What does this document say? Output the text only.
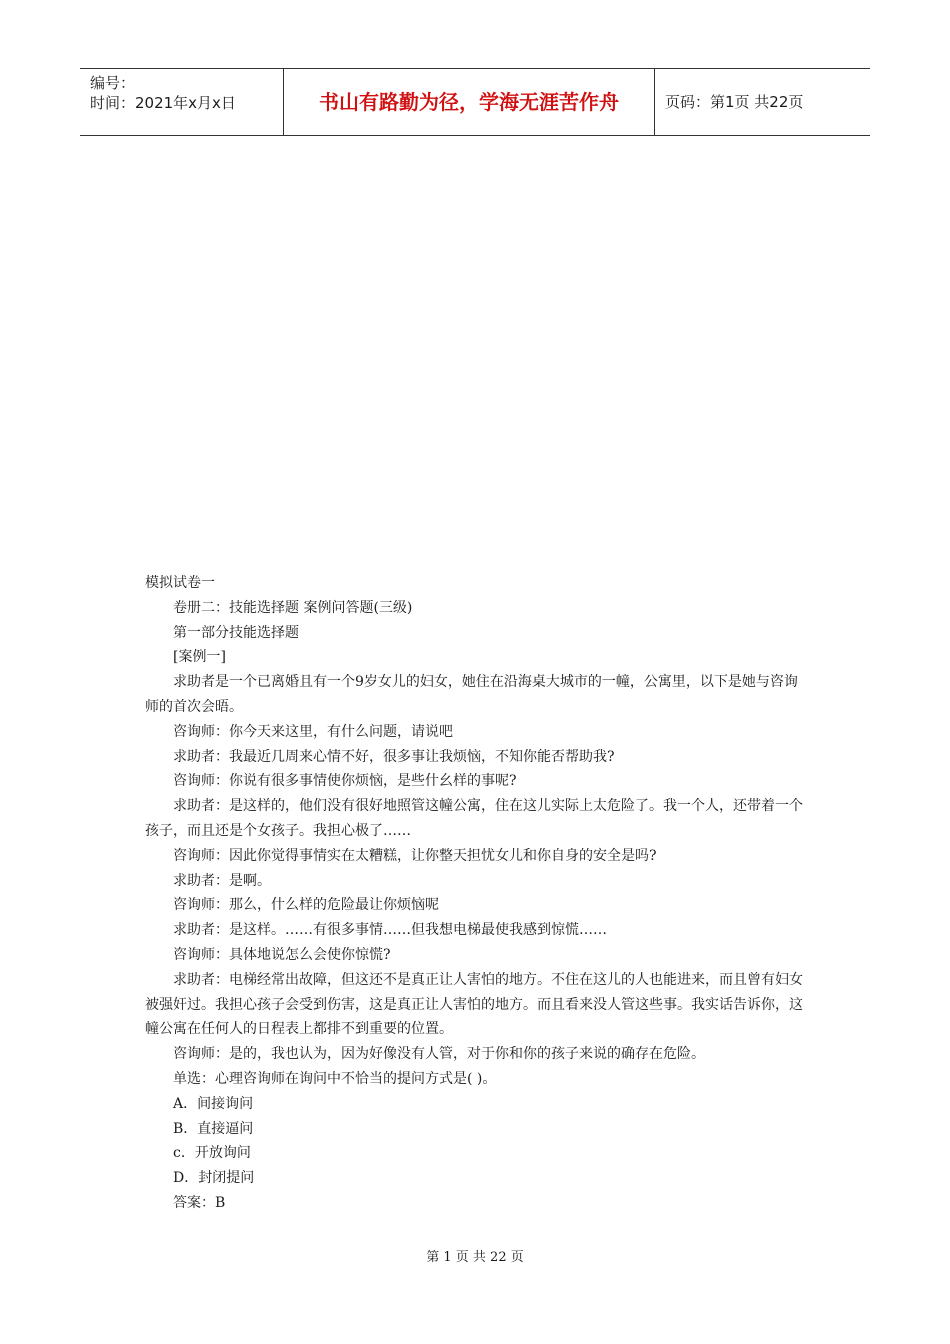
编号：
时间：2021年x月x日	书山有路勤为径，学海无涯苦作舟	页码：第1页 共22页

模拟试卷一

卷册二：技能选择题 案例问答题(三级)

第一部分技能选择题

[案例一]

求助者是一个已离婚且有一个9岁女儿的妇女，她住在沿海桌大城市的一幢，公寓里，以下是她与咨询师的首次会晤。

咨询师：你今天来这里，有什么问题，请说吧

求助者：我最近几周来心情不好，很多事让我烦恼，不知你能否帮助我?

咨询师：你说有很多事情使你烦恼，是些什幺样的事呢?

求助者：是这样的，他们没有很好地照管这幢公寓，住在这儿实际上太危险了。我一个人，还带着一个孩子，而且还是个女孩子。我担心极了……

咨询师：因此你觉得事情实在太糟糕，让你整天担忧女儿和你自身的安全是吗?

求助者：是啊。

咨询师：那么，什么样的危险最让你烦恼呢

求助者：是这样。……有很多事情……但我想电梯最使我感到惊慌……

咨询师：具体地说怎么会使你惊慌?

求助者：电梯经常出故障，但这还不是真正让人害怕的地方。不住在这儿的人也能进来，而且曾有妇女被强奸过。我担心孩子会受到伤害，这是真正让人害怕的地方。而且看来没人管这些事。我实话告诉你，这幢公寓在任何人的日程表上都排不到重要的位置。

咨询师：是的，我也认为，因为好像没有人管，对于你和你的孩子来说的确存在危险。

单选：心理咨询师在询问中不恰当的提问方式是( )。

A．间接询问

B．直接逼问

c．开放询问

D．封闭提问

答案：B

第 1 页 共 22 页
